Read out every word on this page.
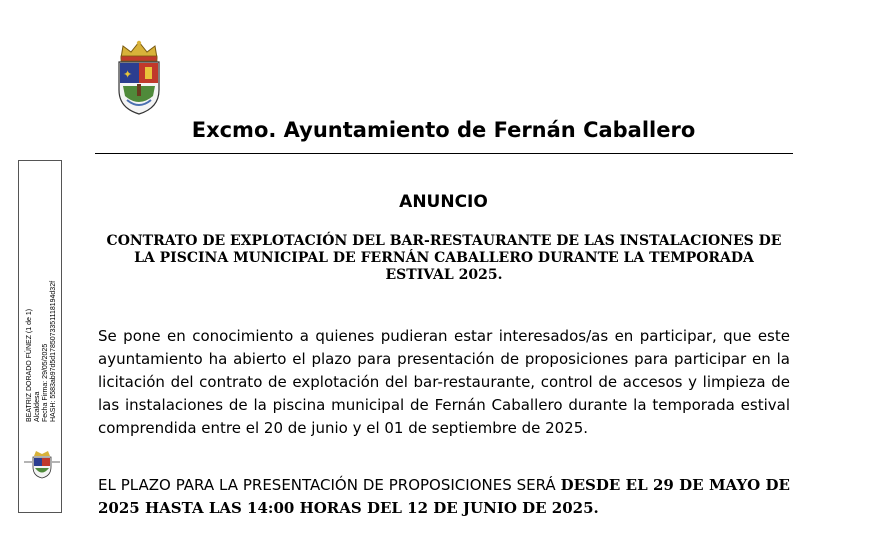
✦
BEATRIZ DORADO FÚNEZ (1 de 1) Alcaldesa Fecha Firma: 29/05/2025 HASH: 5583ab97d5d1785073351118194d32f
Excmo. Ayuntamiento de Fernán Caballero
ANUNCIO
CONTRATO DE EXPLOTACIÓN DEL BAR-RESTAURANTE DE LAS INSTALACIONES DE LA PISCINA MUNICIPAL DE FERNÁN CABALLERO DURANTE LA TEMPORADA ESTIVAL 2025.
Se pone en conocimiento a quienes pudieran estar interesados/as en participar, que este ayuntamiento ha abierto el plazo para presentación de proposiciones para participar en la licitación del contrato de explotación del bar-restaurante, control de accesos y limpieza de las instalaciones de la piscina municipal de Fernán Caballero durante la temporada estival comprendida entre el 20 de junio y el 01 de septiembre de 2025.
EL PLAZO PARA LA PRESENTACIÓN DE PROPOSICIONES SERÁ DESDE EL 29 DE MAYO DE 2025 HASTA LAS 14:00 HORAS DEL 12 DE JUNIO DE 2025.
